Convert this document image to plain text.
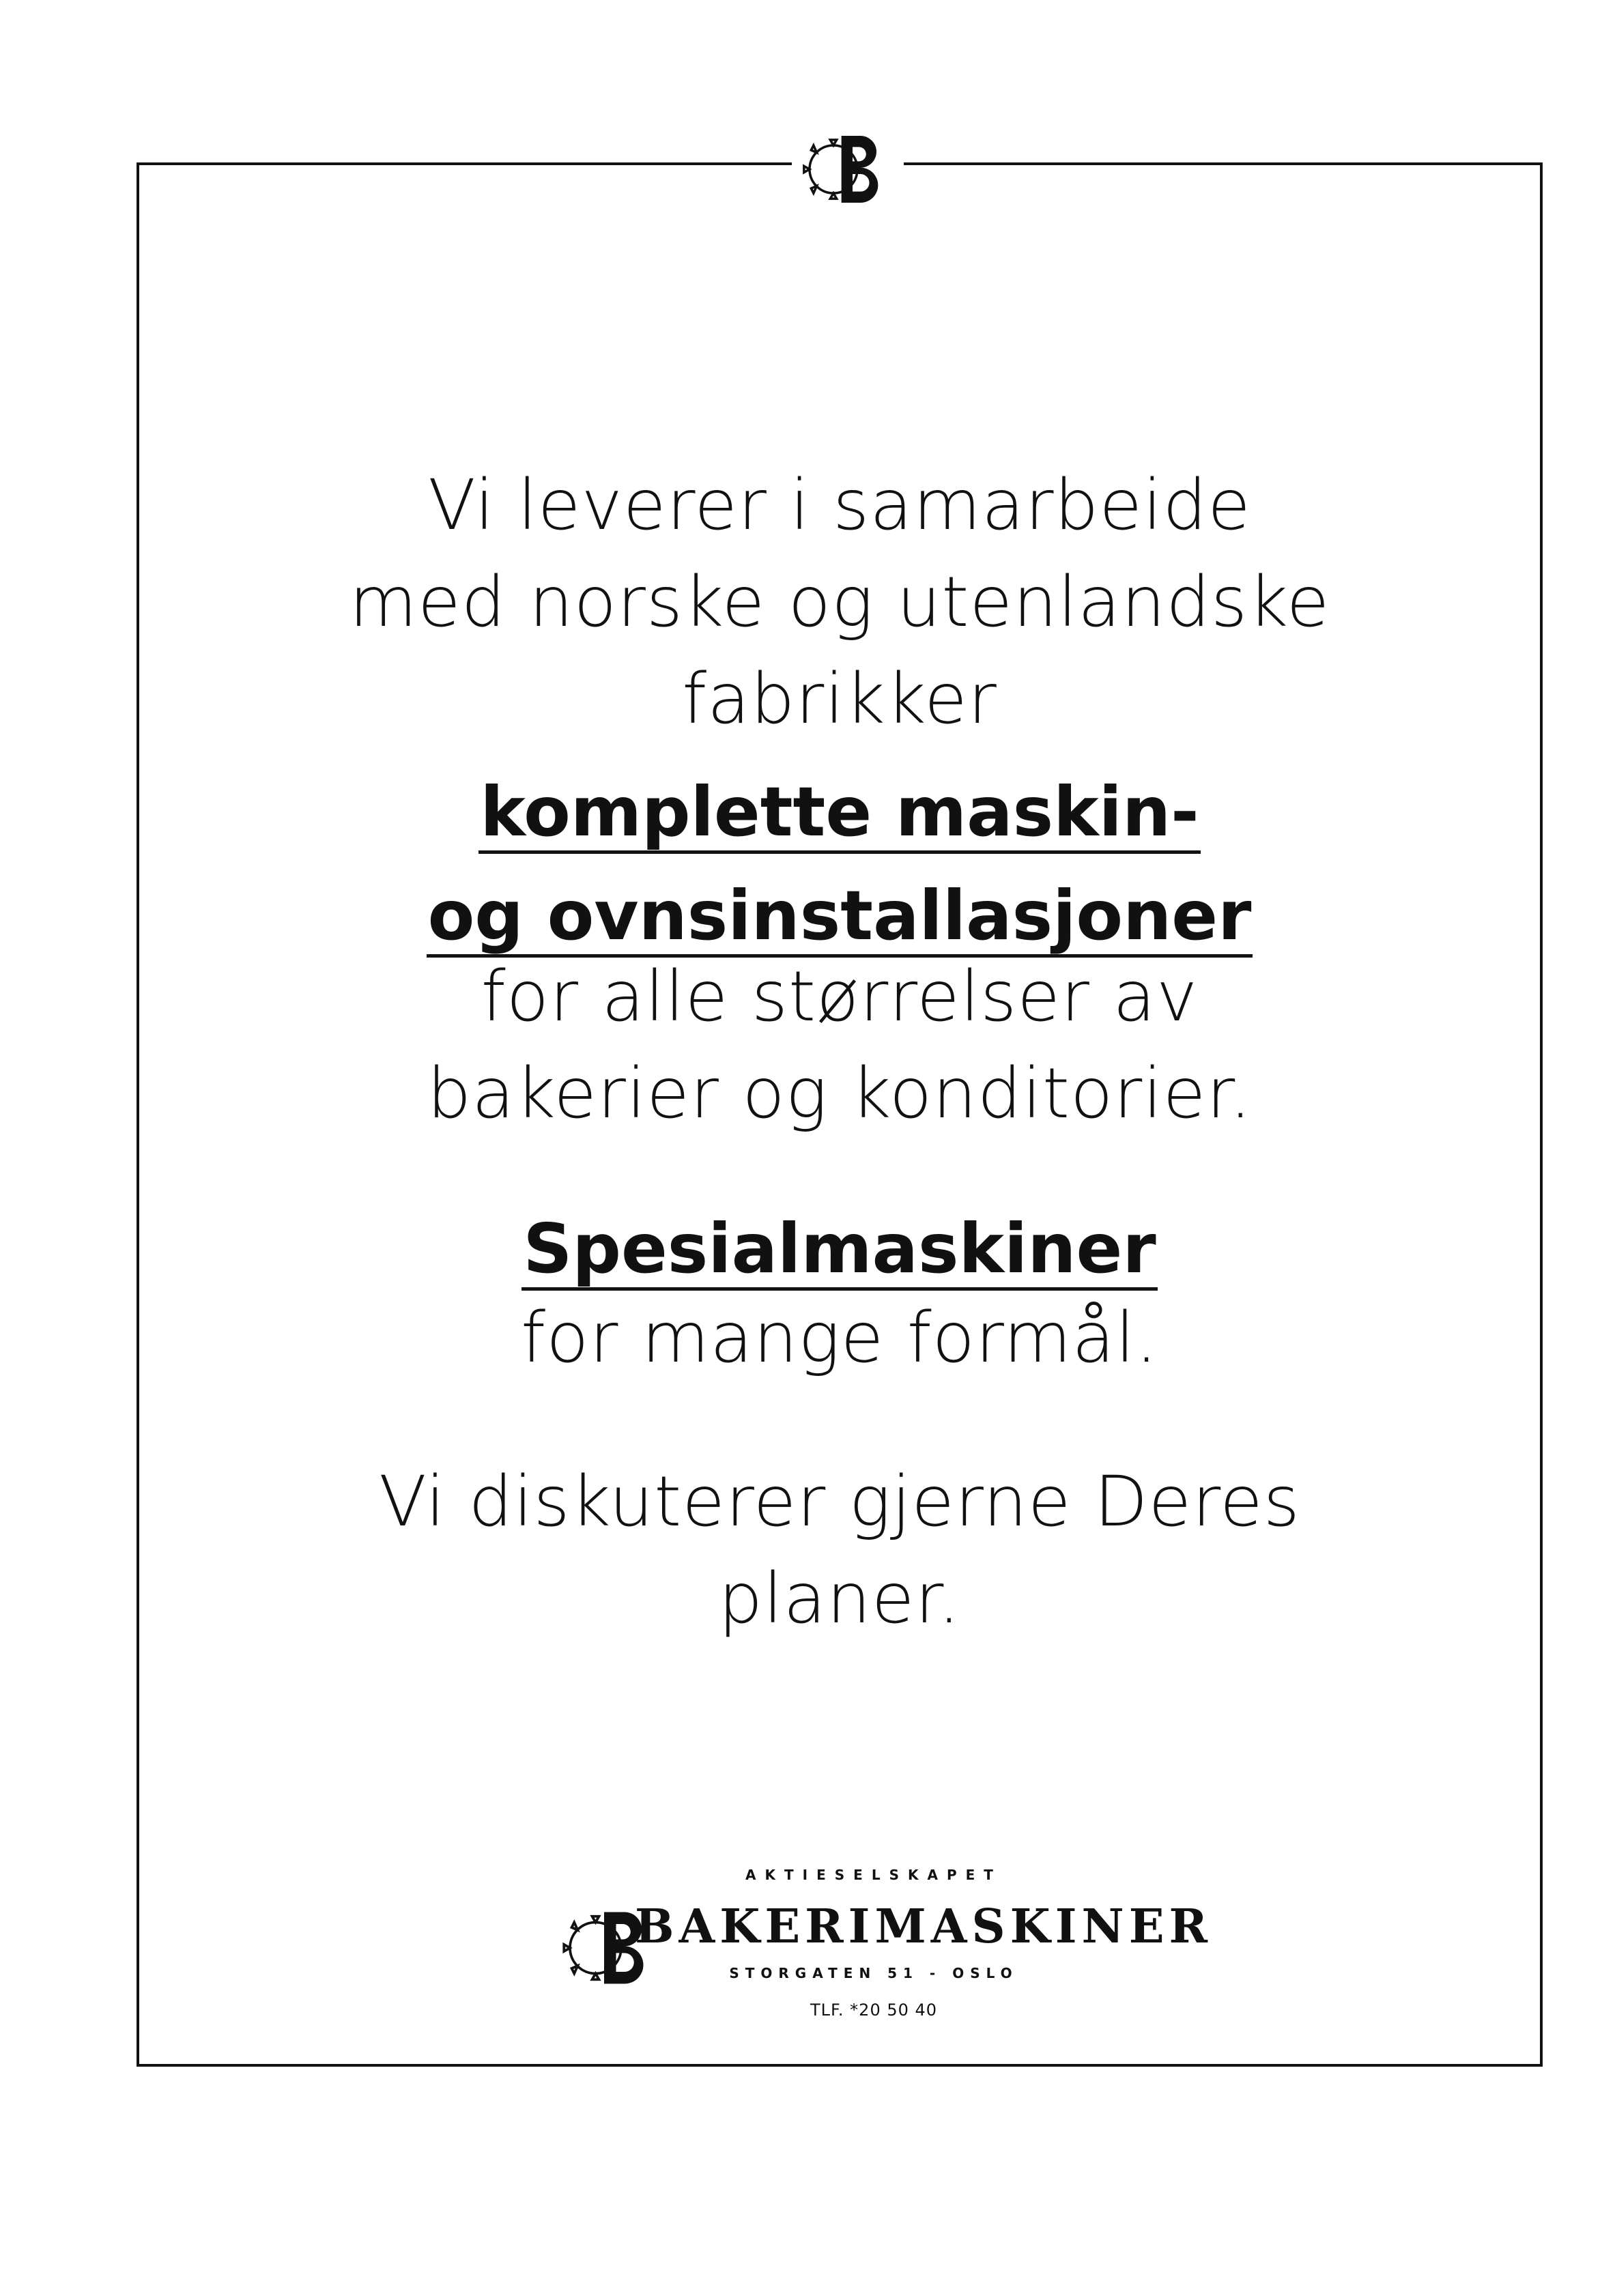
Vi leverer i samarbeide
med norske og utenlandske
fabrikker
komplette maskin-
og ovnsinstallasjoner
for alle størrelser av
bakerier og konditorier.
Spesialmaskiner
for mange formål.
Vi diskuterer gjerne Deres
planer.
AKTIESELSKAPET
BAKERIMASKINER
STORGATEN 51 - OSLO
TLF. *20 50 40
